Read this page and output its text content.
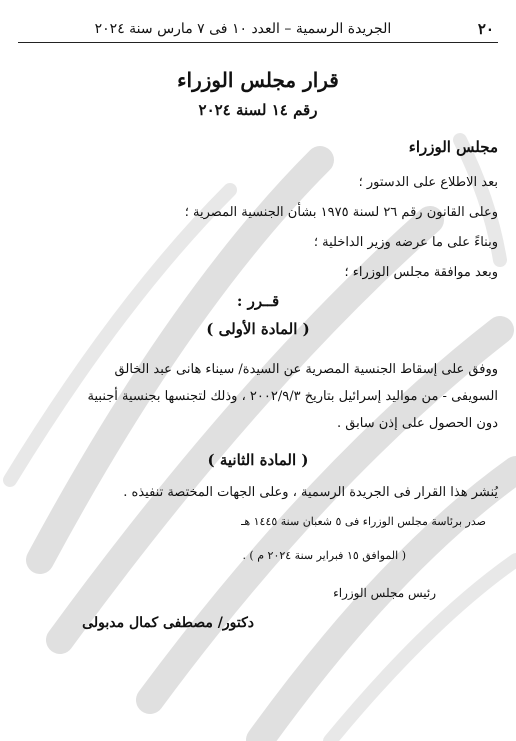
٢٠
الجريدة الرسمية – العدد ١٠ فى ٧ مارس سنة ٢٠٢٤
قرار مجلس الوزراء
رقم ١٤ لسنة ٢٠٢٤
مجلس الوزراء
بعد الاطلاع على الدستور ؛
وعلى القانون رقم ٢٦ لسنة ١٩٧٥ بشأن الجنسية المصرية ؛
وبناءً على ما عرضه وزير الداخلية ؛
وبعد موافقة مجلس الوزراء ؛
قــرر :
( المادة الأولى )
ووفق على إسقاط الجنسية المصرية عن السيدة/ سيناء هانى عبد الخالق
السويفى - من مواليد إسرائيل بتاريخ ٢٠٠٢/٩/٣ ، وذلك لتجنسها بجنسية أجنبية
دون الحصول على إذن سابق .
( المادة الثانية )
يُنشر هذا القرار فى الجريدة الرسمية ، وعلى الجهات المختصة تنفيذه .
صدر برئاسة مجلس الوزراء فى ٥ شعبان سنة ١٤٤٥ هـ
( الموافق ١٥ فبراير سنة ٢٠٢٤ م ) .
رئيس مجلس الوزراء
دكتور/ مصطفى كمال مدبولى
